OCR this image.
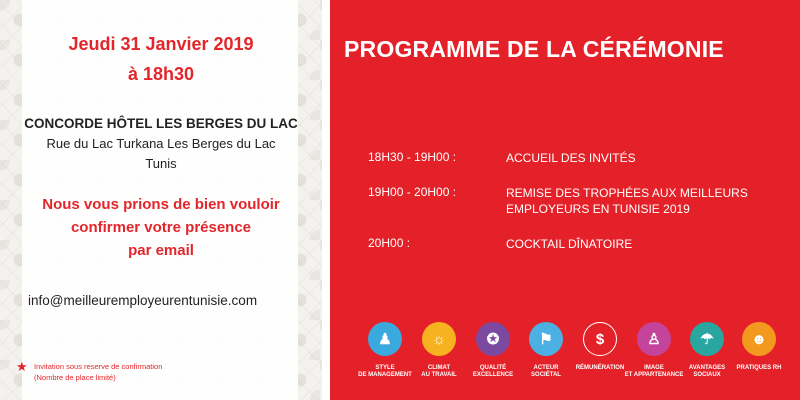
Jeudi 31 Janvier 2019
à 18h30
CONCORDE HÔTEL LES BERGES DU LAC
Rue du Lac Turkana Les Berges du Lac
Tunis
Nous vous prions de bien vouloir
confirmer votre présence
par email
info@meilleuremployeurentunisie.com
★ Invitation sous reserve de confirmation
(Nombre de place limité)
PROGRAMME DE LA CÉRÉMONIE
18H30 - 19H00 :	ACCUEIL DES INVITÉS
19H00 - 20H00 :	REMISE DES TROPHÉES AUX MEILLEURS
EMPLOYEURS EN TUNISIE 2019
20H00 :	COCKTAIL DÎNATOIRE
♟
STYLE
DE MANAGEMENT
☼
CLIMAT
AU TRAVAIL
✪
QUALITÉ
EXCELLENCE
⚑
ACTEUR
SOCIÉTAL
$
RÉMUNÉRATION
♙
IMAGE
ET APPARTENANCE
☂
AVANTAGES
SOCIAUX
☻
PRATIQUES RH
